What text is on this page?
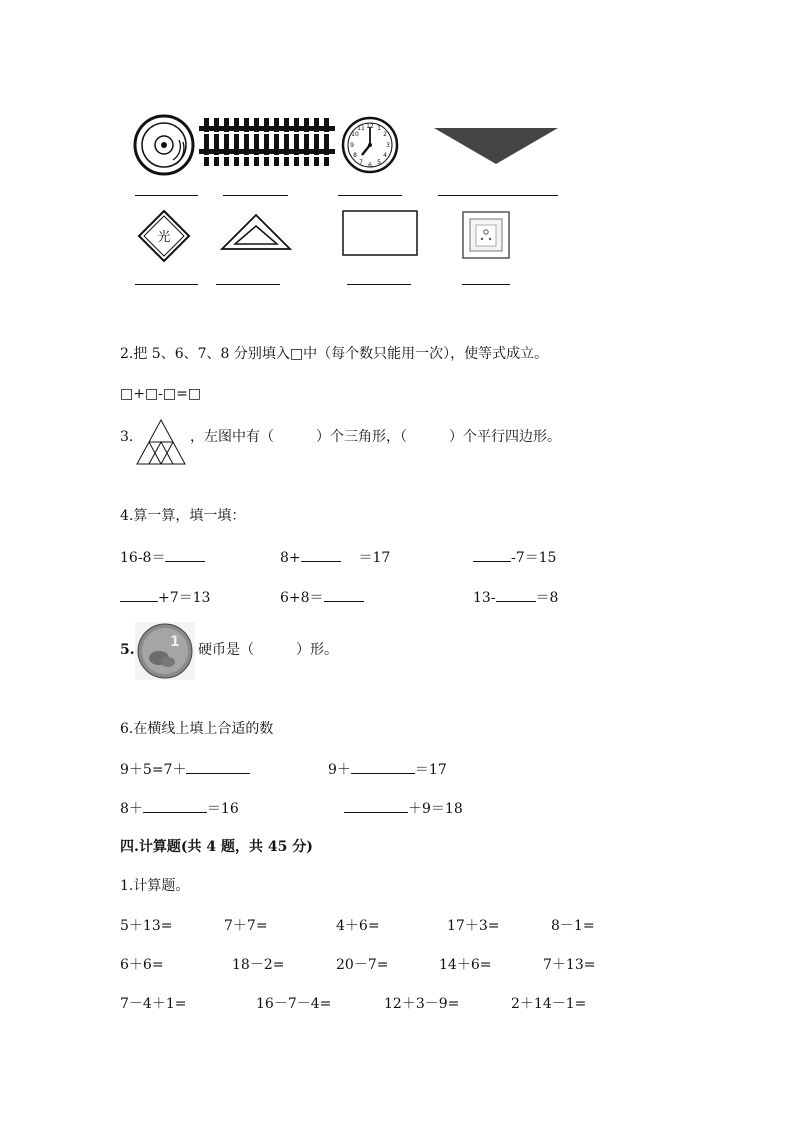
12 1
2
3
4
5
6
7
8
9
10
11
光
2.把 5、6、7、8 分别填入□中（每个数只能用一次），使等式成立。
□+□-□=□
3.	，左图中有（　　　）个三角形，（　　　）个平行四边形。
4.算一算，填一填：
16-8＝	8+	＝17	-7＝15
+7＝13	6+8＝	13-	＝8
5.	1 硬币是（　　　）形。
6.在横线上填上合适的数
9＋5=7＋	9＋	＝17
8＋	＝16	＋9＝18
四.计算题(共 4 题，共 45 分)
1.计算题。
5＋13=	7＋7=	4＋6=	17＋3=	8－1=
6＋6=	18－2=	20－7=	14＋6=	7＋13=
7－4＋1=	16－7－4=	12＋3－9=	2＋14－1=
